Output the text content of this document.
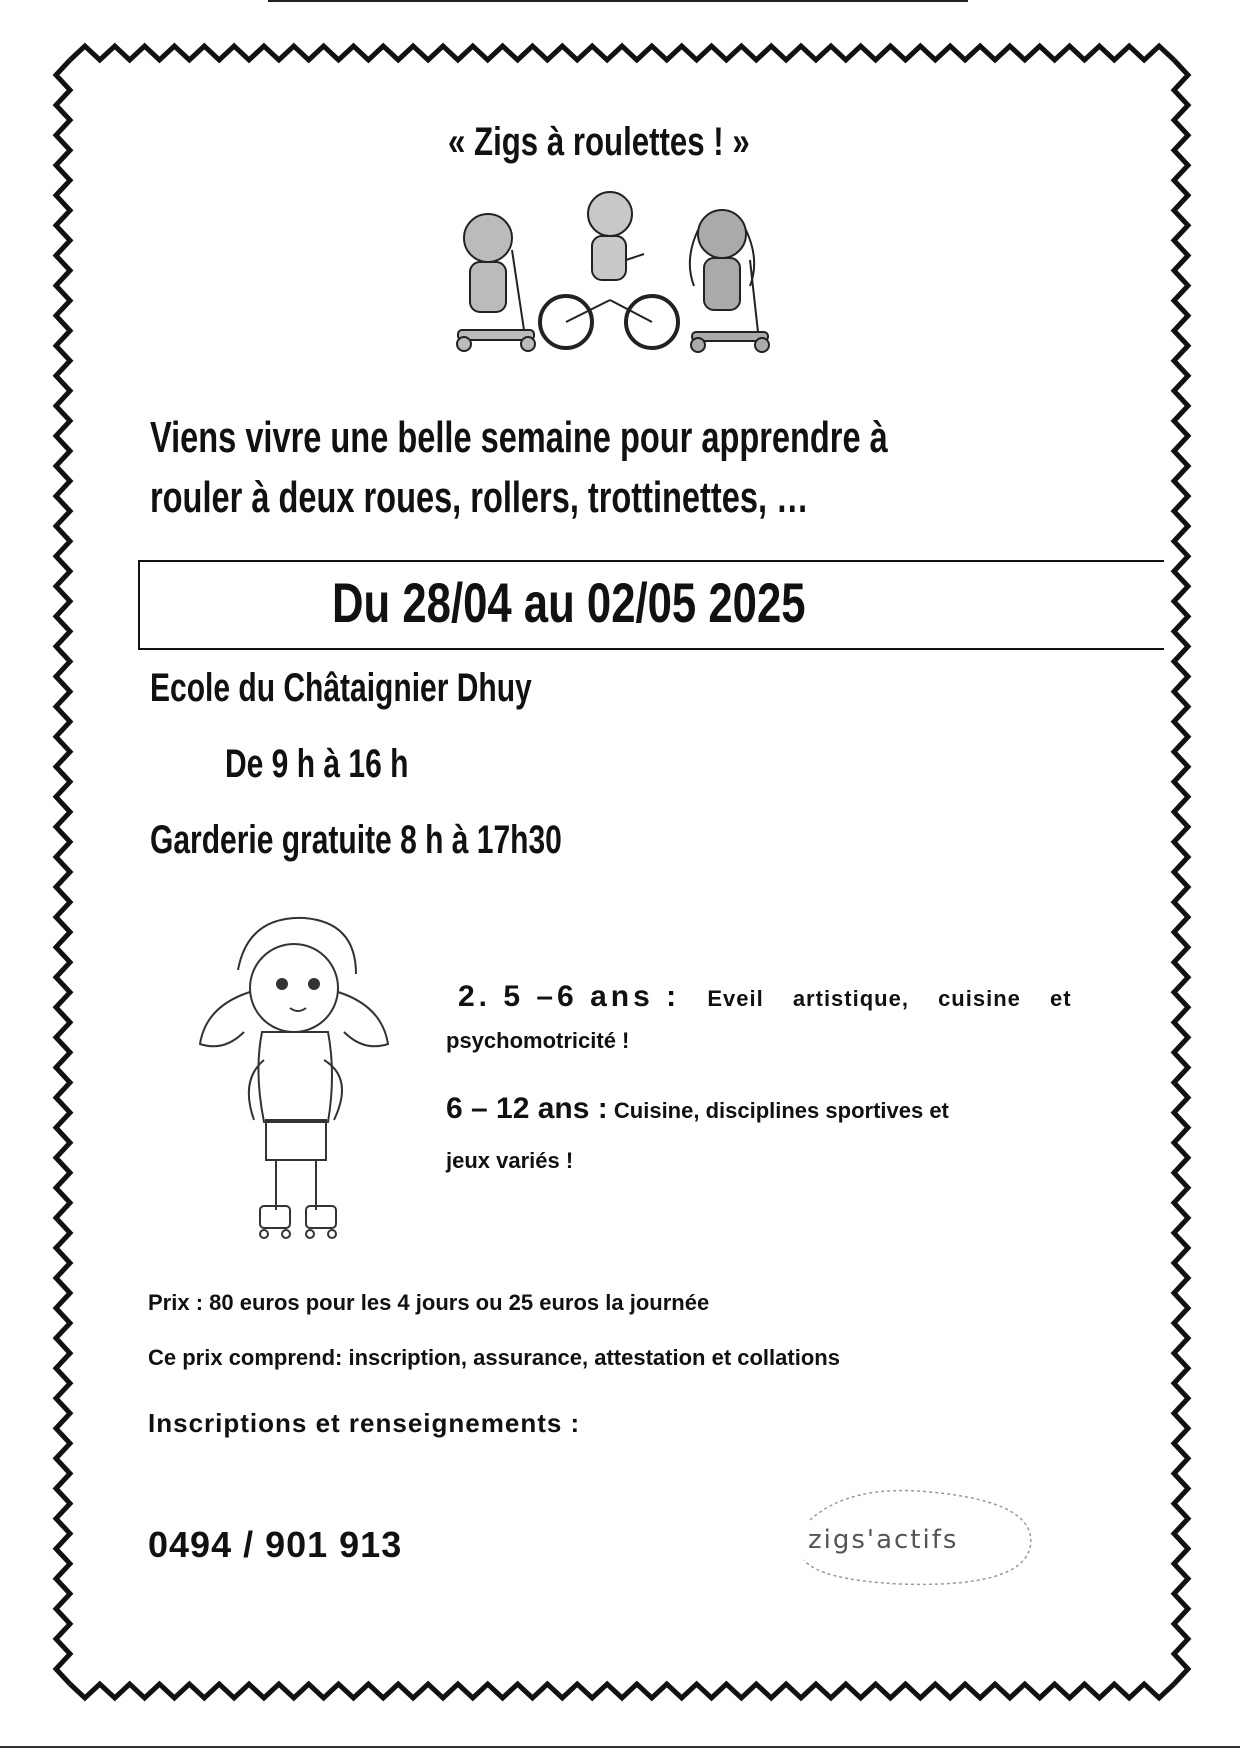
« Zigs à roulettes ! »
Viens vivre une belle semaine pour apprendre à
rouler à deux roues, rollers, trottinettes, …
Du 28/04 au 02/05 2025
Ecole du Châtaignier Dhuy
De 9 h à 16 h
Garderie gratuite 8 h à 17h30
2. 5 –6 ans : Eveil artistique, cuisine et
psychomotricité !
6 – 12 ans : Cuisine, disciplines sportives et
jeux variés !
Prix : 80 euros pour les 4 jours ou 25 euros la journée
Ce prix comprend: inscription, assurance, attestation et collations
Inscriptions et renseignements :
0494 / 901 913	zigs'actifs
